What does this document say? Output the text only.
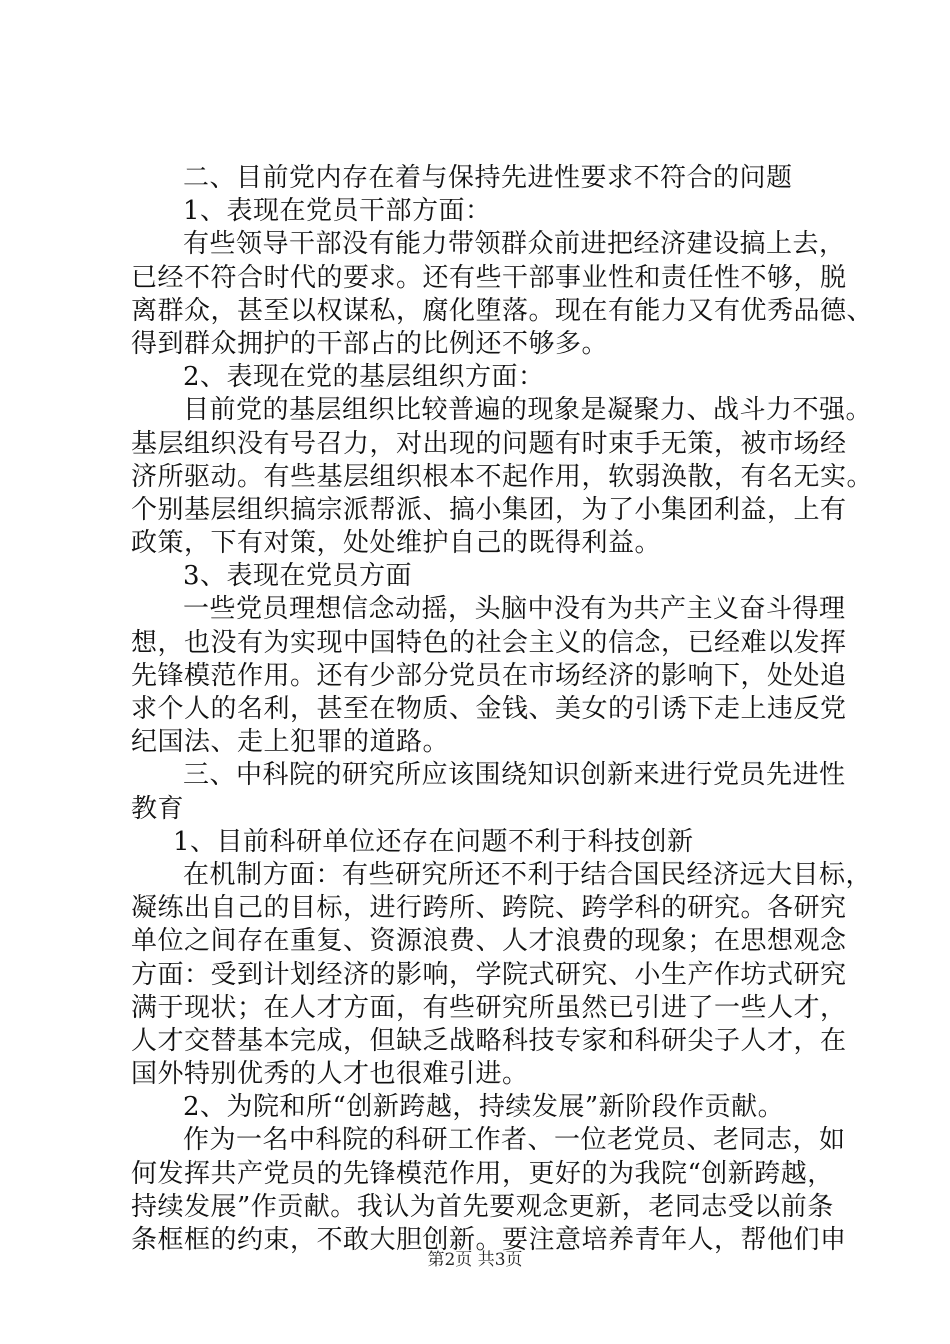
二、目前党内存在着与保持先进性要求不符合的问题
1、表现在党员干部方面：
有些领导干部没有能力带领群众前进把经济建设搞上去，
已经不符合时代的要求。还有些干部事业性和责任性不够，脱
离群众，甚至以权谋私，腐化堕落。现在有能力又有优秀品德、
得到群众拥护的干部占的比例还不够多。
2、表现在党的基层组织方面：
目前党的基层组织比较普遍的现象是凝聚力、战斗力不强。
基层组织没有号召力，对出现的问题有时束手无策，被市场经
济所驱动。有些基层组织根本不起作用，软弱涣散，有名无实。
个别基层组织搞宗派帮派、搞小集团，为了小集团利益，上有
政策，下有对策，处处维护自己的既得利益。
3、表现在党员方面
一些党员理想信念动摇，头脑中没有为共产主义奋斗得理
想，也没有为实现中国特色的社会主义的信念，已经难以发挥
先锋模范作用。还有少部分党员在市场经济的影响下，处处追
求个人的名利，甚至在物质、金钱、美女的引诱下走上违反党
纪国法、走上犯罪的道路。
三、中科院的研究所应该围绕知识创新来进行党员先进性
教育
1、目前科研单位还存在问题不利于科技创新
在机制方面：有些研究所还不利于结合国民经济远大目标，
凝练出自己的目标，进行跨所、跨院、跨学科的研究。各研究
单位之间存在重复、资源浪费、人才浪费的现象；在思想观念
方面：受到计划经济的影响，学院式研究、小生产作坊式研究
满于现状；在人才方面，有些研究所虽然已引进了一些人才，
人才交替基本完成，但缺乏战略科技专家和科研尖子人才，在
国外特别优秀的人才也很难引进。
2、为院和所“创新跨越，持续发展”新阶段作贡献。
作为一名中科院的科研工作者、一位老党员、老同志，如
何发挥共产党员的先锋模范作用，更好的为我院“创新跨越，
持续发展”作贡献。我认为首先要观念更新，老同志受以前条
条框框的约束，不敢大胆创新。要注意培养青年人，帮他们申
第2页 共3页
